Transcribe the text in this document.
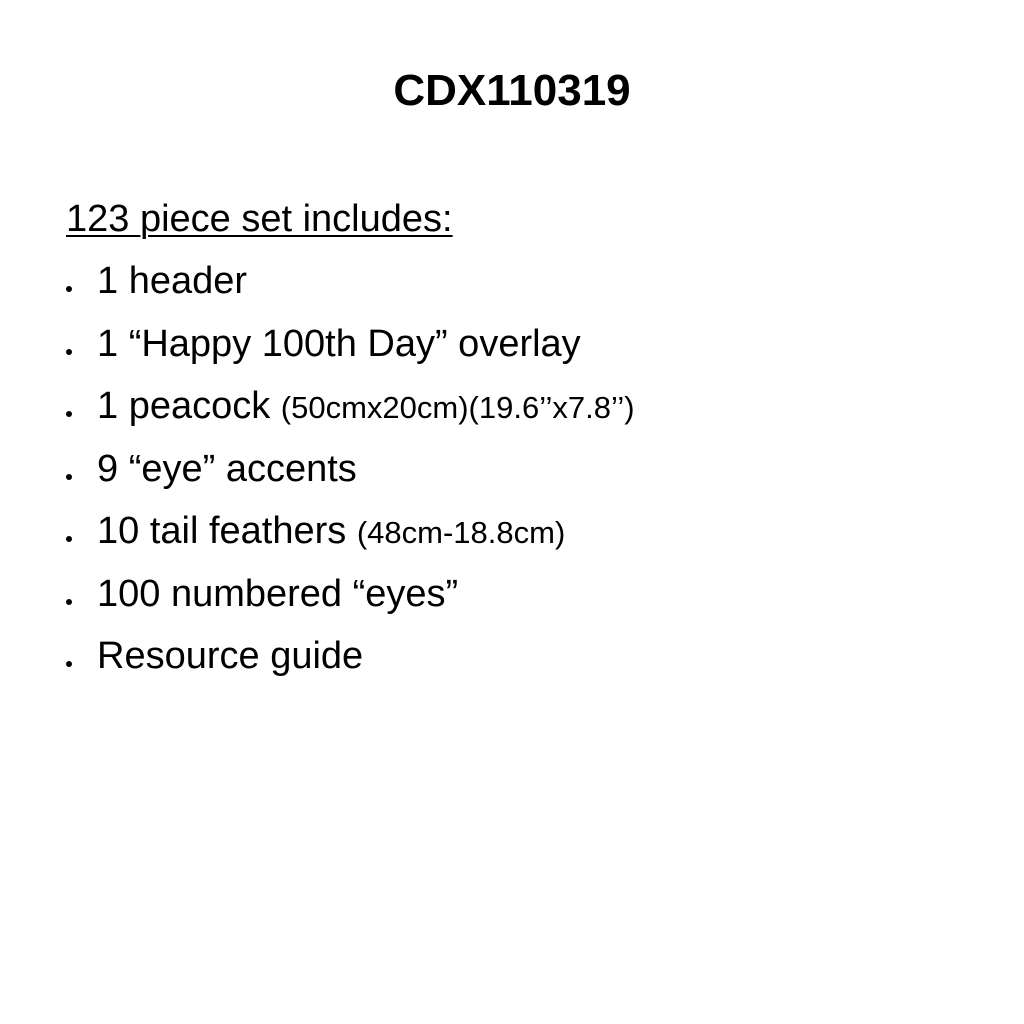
CDX110319

123 piece set includes:

1 header
1 “Happy 100th Day” overlay
1 peacock (50cmx20cm)(19.6’’x7.8’’)
9 “eye” accents
10 tail feathers (48cm-18.8cm)
100 numbered “eyes”
Resource guide
